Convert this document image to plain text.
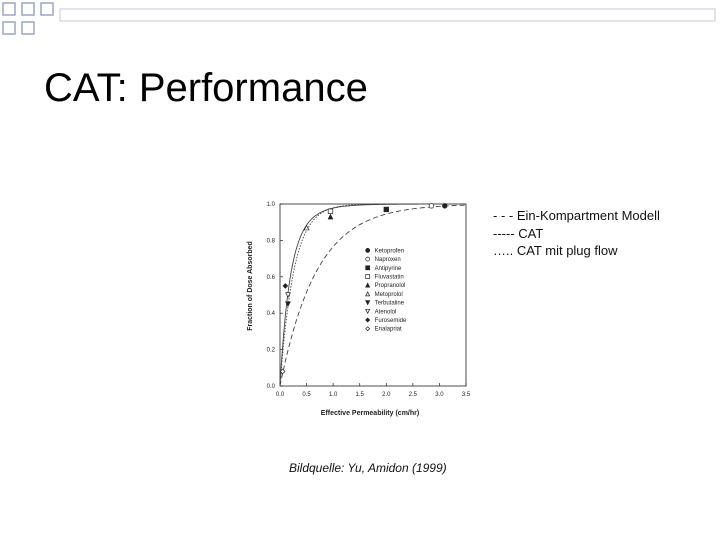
CAT: Performance
0.0	0.5	1.0	1.5	2.0	2.5	3.0	3.5
0.0
0.2
0.4
0.6
0.8
1.0
Ketoprofen
Naproxen
Antipyrine
Fluvastatin
Propranolol
Metoprolol
Terbutaline
Atenolol
Furosemide
Enalapriat
Effective Permeability (cm/hr)
Fraction of Dose Absorbed
- - - Ein-Kompartment Modell
----- CAT
….. CAT mit plug flow
Bildquelle: Yu, Amidon (1999)
